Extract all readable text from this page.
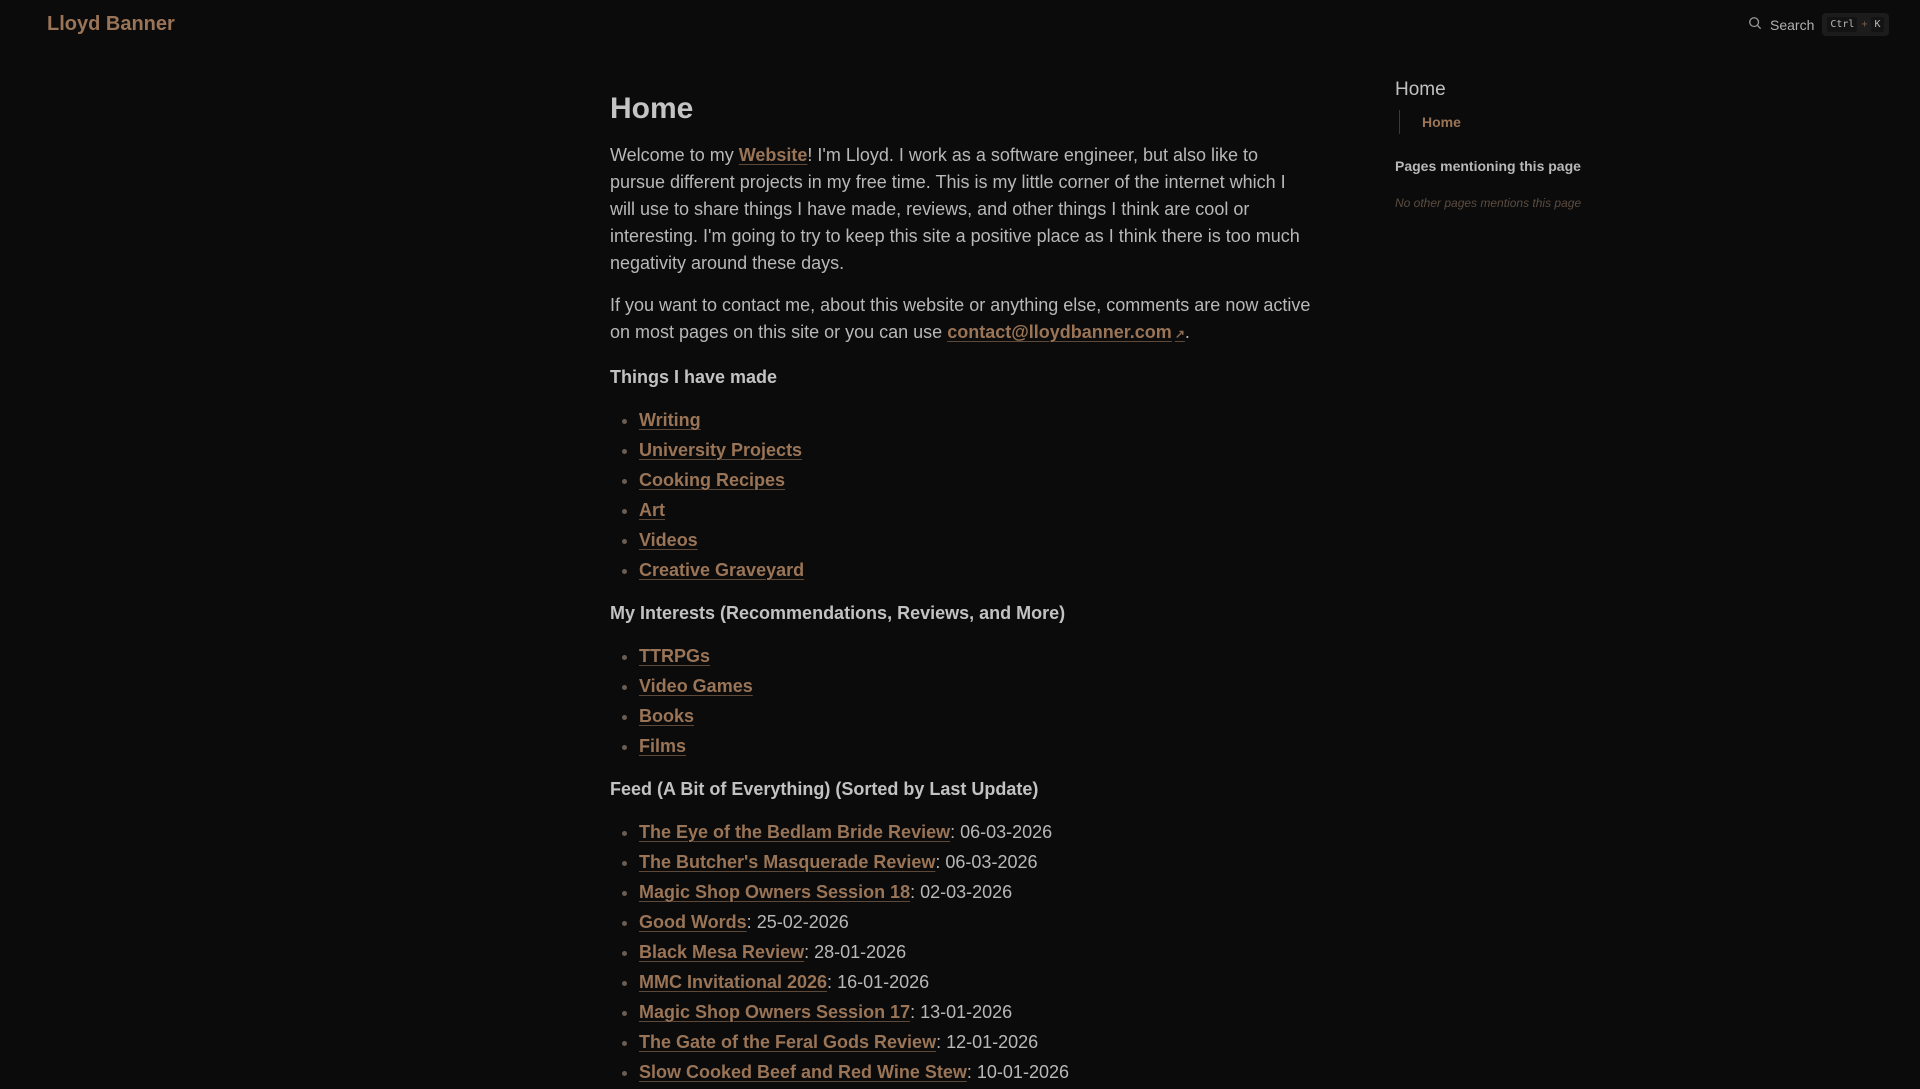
Lloyd Banner	Search	Ctrl + K
Home

Welcome to my Website! I'm Lloyd. I work as a software engineer, but also like to pursue different projects in my free time. This is my little corner of the internet which I will use to share things I have made, reviews, and other things I think are cool or interesting. I'm going to try to keep this site a positive place as I think there is too much negativity around these days.

If you want to contact me, about this website or anything else, comments are now active on most pages on this site or you can use contact@lloydbanner.com ↗.

Things I have made
• Writing
• University Projects
• Cooking Recipes
• Art
• Videos
• Creative Graveyard
My Interests (Recommendations, Reviews, and More)
• TTRPGs
• Video Games
• Books
• Films
Feed (A Bit of Everything) (Sorted by Last Update)
• The Eye of the Bedlam Bride Review: 06-03-2026
• The Butcher's Masquerade Review: 06-03-2026
• Magic Shop Owners Session 18: 02-03-2026
• Good Words: 25-02-2026
• Black Mesa Review: 28-01-2026
• MMC Invitational 2026: 16-01-2026
• Magic Shop Owners Session 17: 13-01-2026
• The Gate of the Feral Gods Review: 12-01-2026
• Slow Cooked Beef and Red Wine Stew: 10-01-2026
Home
Home
Pages mentioning this page
No other pages mentions this page
